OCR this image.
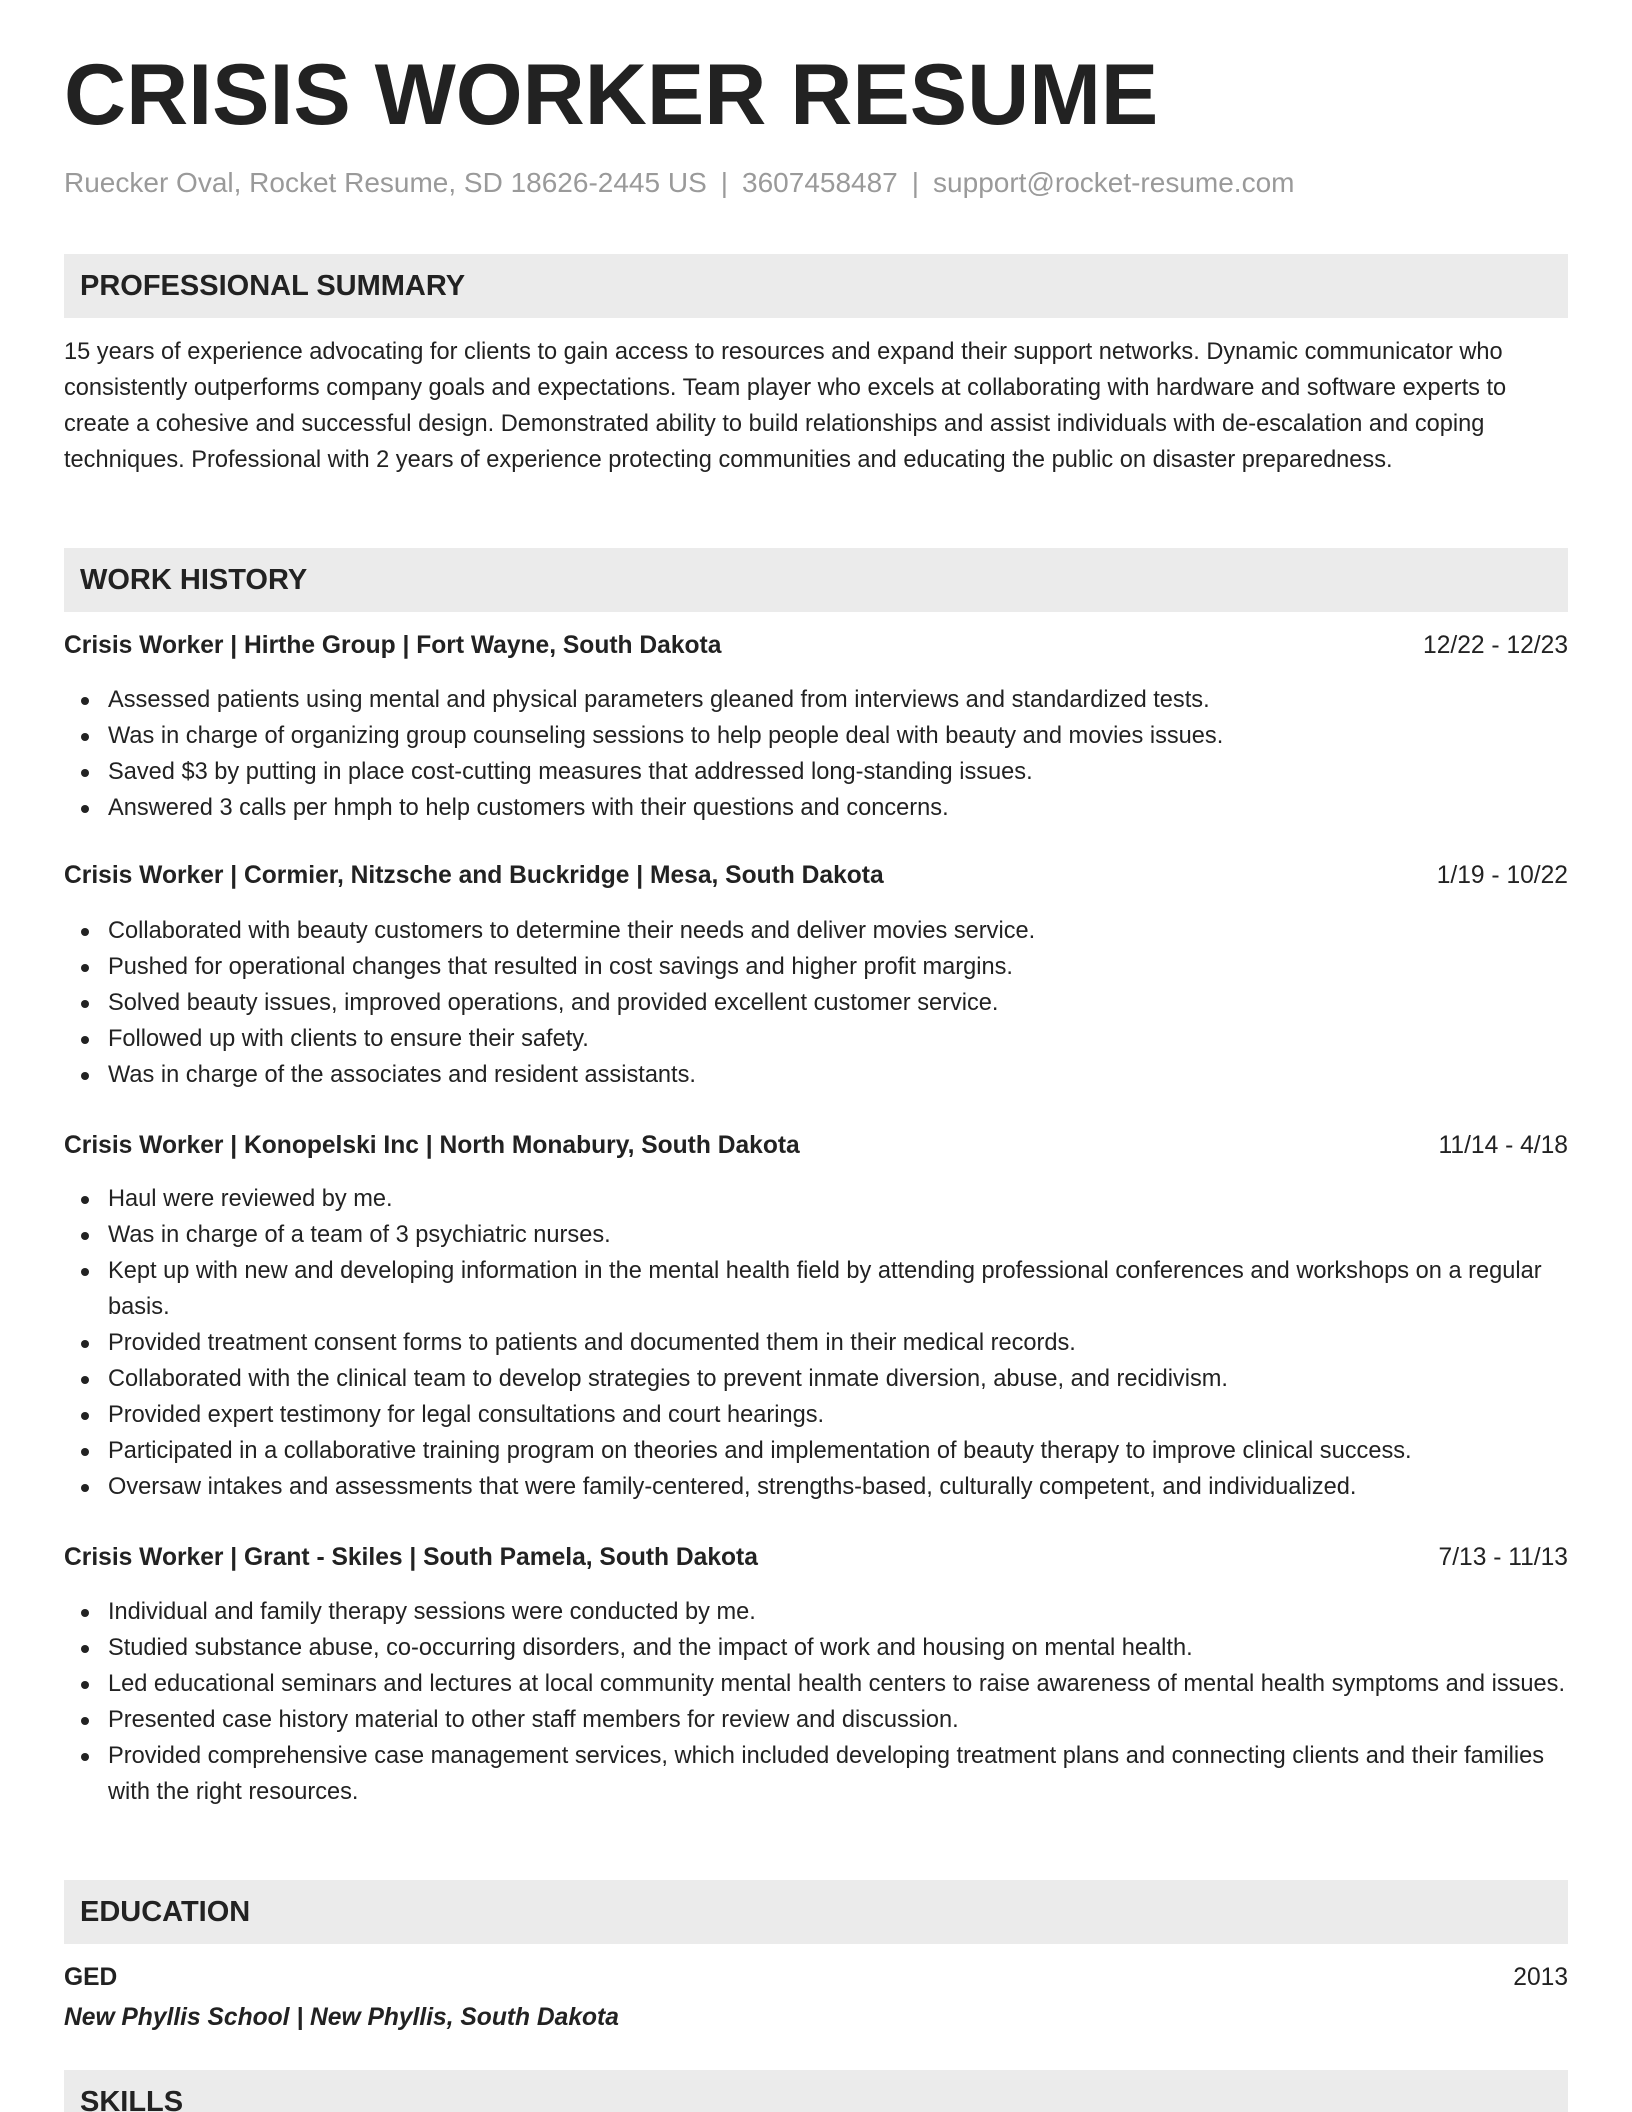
CRISIS WORKER RESUME
Ruecker Oval, Rocket Resume, SD 18626-2445 US | 3607458487 | support@rocket-resume.com
PROFESSIONAL SUMMARY

15 years of experience advocating for clients to gain access to resources and expand their support networks. Dynamic communicator who consistently outperforms company goals and expectations. Team player who excels at collaborating with hardware and software experts to create a cohesive and successful design. Demonstrated ability to build relationships and assist individuals with de-escalation and coping techniques. Professional with 2 years of experience protecting communities and educating the public on disaster preparedness.

WORK HISTORY
Crisis Worker | Hirthe Group | Fort Wayne, South Dakota	12/22 - 12/23
Assessed patients using mental and physical parameters gleaned from interviews and standardized tests.
Was in charge of organizing group counseling sessions to help people deal with beauty and movies issues.
Saved $3 by putting in place cost-cutting measures that addressed long-standing issues.
Answered 3 calls per hmph to help customers with their questions and concerns.
Crisis Worker | Cormier, Nitzsche and Buckridge | Mesa, South Dakota	1/19 - 10/22
Collaborated with beauty customers to determine their needs and deliver movies service.
Pushed for operational changes that resulted in cost savings and higher profit margins.
Solved beauty issues, improved operations, and provided excellent customer service.
Followed up with clients to ensure their safety.
Was in charge of the associates and resident assistants.
Crisis Worker | Konopelski Inc | North Monabury, South Dakota	11/14 - 4/18
Haul were reviewed by me.
Was in charge of a team of 3 psychiatric nurses.
Kept up with new and developing information in the mental health field by attending professional conferences and workshops on a regular basis.
Provided treatment consent forms to patients and documented them in their medical records.
Collaborated with the clinical team to develop strategies to prevent inmate diversion, abuse, and recidivism.
Provided expert testimony for legal consultations and court hearings.
Participated in a collaborative training program on theories and implementation of beauty therapy to improve clinical success.
Oversaw intakes and assessments that were family-centered, strengths-based, culturally competent, and individualized.
Crisis Worker | Grant - Skiles | South Pamela, South Dakota	7/13 - 11/13
Individual and family therapy sessions were conducted by me.
Studied substance abuse, co-occurring disorders, and the impact of work and housing on mental health.
Led educational seminars and lectures at local community mental health centers to raise awareness of mental health symptoms and issues.
Presented case history material to other staff members for review and discussion.
Provided comprehensive case management services, which included developing treatment plans and connecting clients and their families with the right resources.
EDUCATION
GED	2013
New Phyllis School | New Phyllis, South Dakota
SKILLS
